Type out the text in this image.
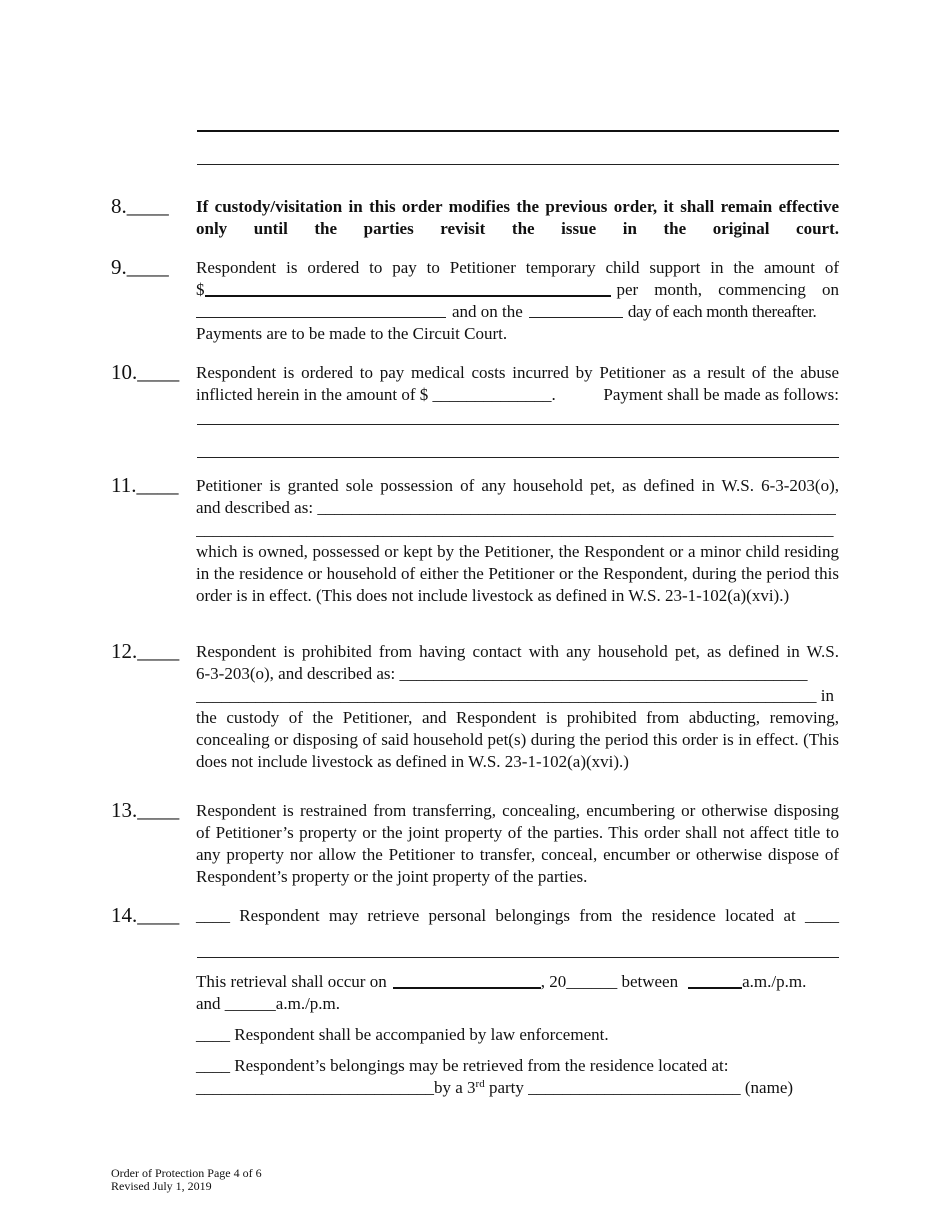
8.____ If custody/visitation in this order modifies the previous order, it shall remain effective only until the parties revisit the issue in the original court.
9.____ Respondent is ordered to pay to Petitioner temporary child support in the amount of
$	per month, commencing on
and on the	day of each month thereafter.
Payments are to be made to the Circuit Court.
10.____ Respondent is ordered to pay medical costs incurred by Petitioner as a result of the abuse
inflicted herein in the amount of $ ______________.	Payment shall be made as follows:
11.____ Petitioner is granted sole possession of any household pet, as defined in W.S. 6-3-203(o),
and described as: _____________________________________________________________
___________________________________________________________________________
which is owned, possessed or kept by the Petitioner, the Respondent or a minor child residing in the residence or household of either the Petitioner or the Respondent, during the period this order is in effect. (This does not include livestock as defined in W.S. 23-1-102(a)(xvi).)
12.____ Respondent is prohibited from having contact with any household pet, as defined in W.S.
6-3-203(o), and described as: ________________________________________________
_________________________________________________________________________ in
the custody of the Petitioner, and Respondent is prohibited from abducting, removing, concealing or disposing of said household pet(s) during the period this order is in effect. (This does not include livestock as defined in W.S. 23-1-102(a)(xvi).)
13.____ Respondent is restrained from transferring, concealing, encumbering or otherwise disposing of Petitioner’s property or the joint property of the parties. This order shall not affect title to any property nor allow the Petitioner to transfer, conceal, encumber or otherwise dispose of Respondent’s property or the joint property of the parties.
14.____ ____ Respondent may retrieve personal belongings from the residence located at ____
This retrieval shall occur on	, 20______ between	a.m./p.m.
and ______a.m./p.m.
____ Respondent shall be accompanied by law enforcement.
____ Respondent’s belongings may be retrieved from the residence located at:
____________________________by a 3rd party _________________________ (name)
Order of Protection Page 4 of 6
Revised July 1, 2019
